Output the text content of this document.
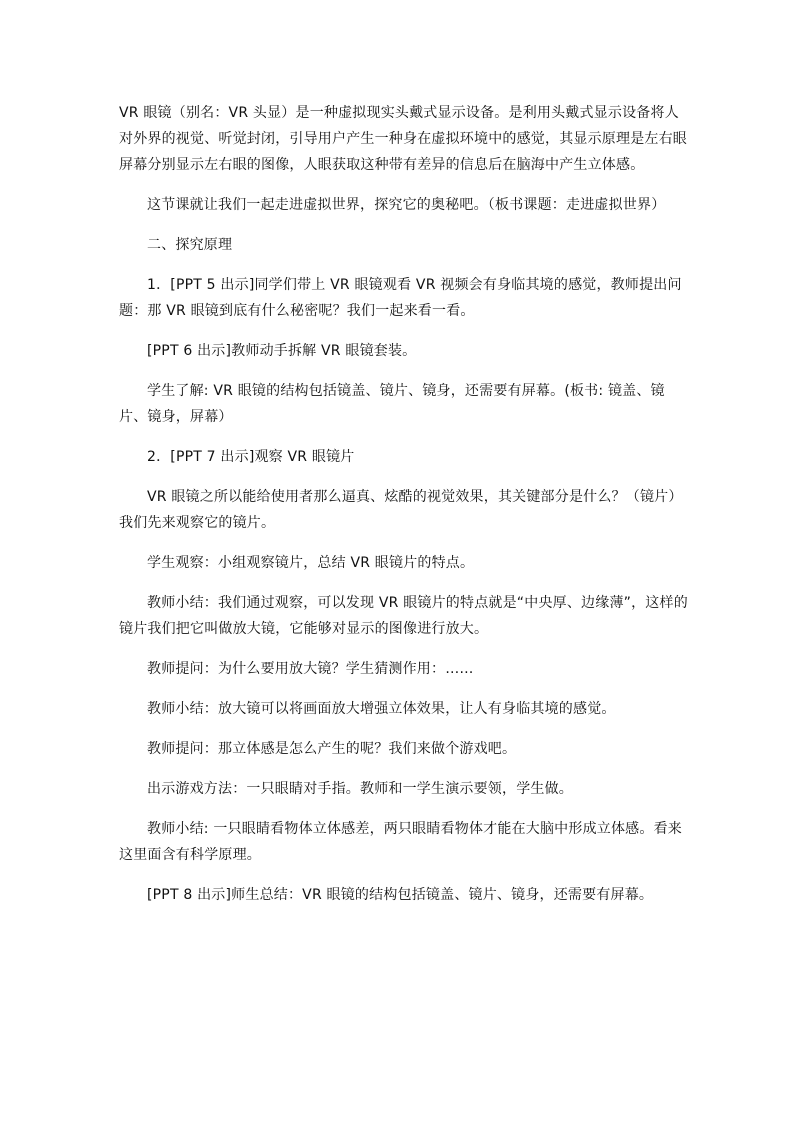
VR 眼镜（别名：VR 头显）是一种虚拟现实头戴式显示设备。是利用头戴式显示设备将人对外界的视觉、听觉封闭，引导用户产生一种身在虚拟环境中的感觉，其显示原理是左右眼屏幕分别显示左右眼的图像，人眼获取这种带有差异的信息后在脑海中产生立体感。

这节课就让我们一起走进虚拟世界，探究它的奥秘吧。（板书课题：走进虚拟世界）

二、探究原理

1．[PPT 5 出示]同学们带上 VR 眼镜观看 VR 视频会有身临其境的感觉，教师提出问题：那 VR 眼镜到底有什么秘密呢？我们一起来看一看。

[PPT 6 出示]教师动手拆解 VR 眼镜套装。

学生了解: VR 眼镜的结构包括镜盖、镜片、镜身，还需要有屏幕。(板书: 镜盖、镜片、镜身，屏幕）

2．[PPT 7 出示]观察 VR 眼镜片

VR 眼镜之所以能给使用者那么逼真、炫酷的视觉效果，其关键部分是什么？（镜片）我们先来观察它的镜片。

学生观察：小组观察镜片，总结 VR 眼镜片的特点。

教师小结：我们通过观察，可以发现 VR 眼镜片的特点就是“中央厚、边缘薄”，这样的镜片我们把它叫做放大镜，它能够对显示的图像进行放大。

教师提问：为什么要用放大镜？学生猜测作用：……

教师小结：放大镜可以将画面放大增强立体效果，让人有身临其境的感觉。

教师提问：那立体感是怎么产生的呢？我们来做个游戏吧。

出示游戏方法：一只眼睛对手指。教师和一学生演示要领，学生做。

教师小结: 一只眼睛看物体立体感差，两只眼睛看物体才能在大脑中形成立体感。看来这里面含有科学原理。

[PPT 8 出示]师生总结：VR 眼镜的结构包括镜盖、镜片、镜身，还需要有屏幕。
